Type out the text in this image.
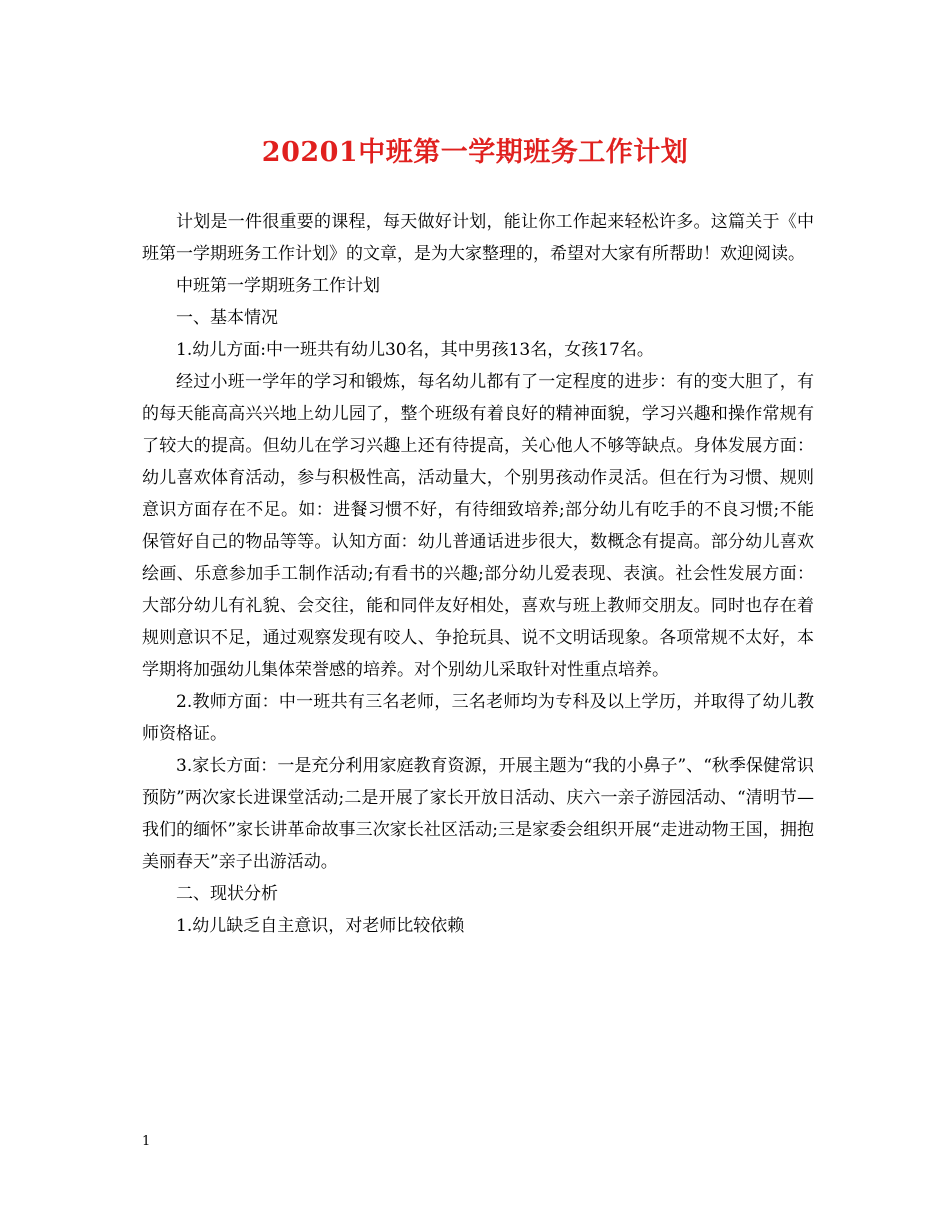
20201中班第一学期班务工作计划

计划是一件很重要的课程，每天做好计划，能让你工作起来轻松许多。这篇关于《中班第一学期班务工作计划》的文章，是为大家整理的，希望对大家有所帮助！欢迎阅读。

中班第一学期班务工作计划

一、基本情况

1.幼儿方面:中一班共有幼儿30名，其中男孩13名，女孩17名。

经过小班一学年的学习和锻炼，每名幼儿都有了一定程度的进步：有的变大胆了，有的每天能高高兴兴地上幼儿园了，整个班级有着良好的精神面貌，学习兴趣和操作常规有了较大的提高。但幼儿在学习兴趣上还有待提高，关心他人不够等缺点。身体发展方面：幼儿喜欢体育活动，参与积极性高，活动量大，个别男孩动作灵活。但在行为习惯、规则意识方面存在不足。如：进餐习惯不好，有待细致培养;部分幼儿有吃手的不良习惯;不能保管好自己的物品等等。认知方面：幼儿普通话进步很大，数概念有提高。部分幼儿喜欢绘画、乐意参加手工制作活动;有看书的兴趣;部分幼儿爱表现、表演。社会性发展方面：大部分幼儿有礼貌、会交往，能和同伴友好相处，喜欢与班上教师交朋友。同时也存在着规则意识不足，通过观察发现有咬人、争抢玩具、说不文明话现象。各项常规不太好，本学期将加强幼儿集体荣誉感的培养。对个别幼儿采取针对性重点培养。

2.教师方面：中一班共有三名老师，三名老师均为专科及以上学历，并取得了幼儿教师资格证。

3.家长方面：一是充分利用家庭教育资源，开展主题为“我的小鼻子”、“秋季保健常识预防”两次家长进课堂活动;二是开展了家长开放日活动、庆六一亲子游园活动、“清明节—我们的缅怀”家长讲革命故事三次家长社区活动;三是家委会组织开展“走进动物王国，拥抱美丽春天”亲子出游活动。

二、现状分析

1.幼儿缺乏自主意识，对老师比较依赖

1
